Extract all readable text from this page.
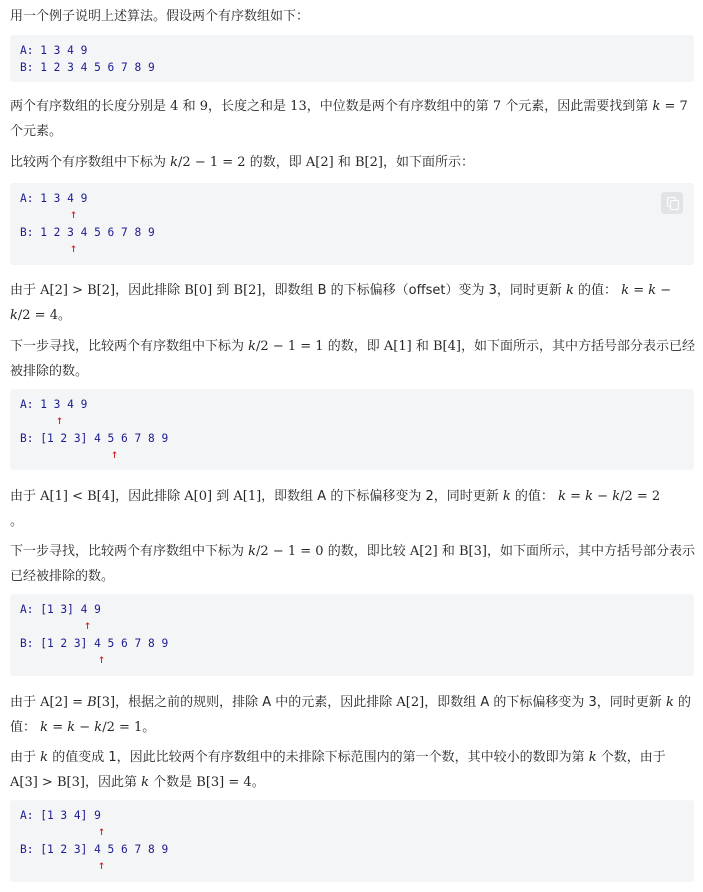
用一个例子说明上述算法。假设两个有序数组如下：

A: 1 3 4 9
B: 1 2 3 4 5 6 7 8 9

两个有序数组的长度分别是 4 和 9，长度之和是 13，中位数是两个有序数组中的第 7 个元素，因此需要找到第 k = 7 个元素。

比较两个有序数组中下标为 k/2 − 1 = 2 的数，即 A[2] 和 B[2]，如下面所示：

A: 1 3 4 9
↑
B: 1 2 3 4 5 6 7 8 9
↑

由于 A[2] > B[2]，因此排除 B[0] 到 B[2]，即数组 B 的下标偏移（offset）变为 3，同时更新 k 的值： k = k − k/2 = 4。

下一步寻找，比较两个有序数组中下标为 k/2 − 1 = 1 的数，即 A[1] 和 B[4]，如下面所示，其中方括号部分表示已经被排除的数。

A: 1 3 4 9
↑
B: [1 2 3] 4 5 6 7 8 9
↑

由于 A[1] < B[4]，因此排除 A[0] 到 A[1]，即数组 A 的下标偏移变为 2，同时更新 k 的值： k = k − k/2 = 2
。

下一步寻找，比较两个有序数组中下标为 k/2 − 1 = 0 的数，即比较 A[2] 和 B[3]，如下面所示，其中方括号部分表示已经被排除的数。

A: [1 3] 4 9
↑
B: [1 2 3] 4 5 6 7 8 9
↑

由于 A[2] = B[3]，根据之前的规则，排除 A 中的元素，因此排除 A[2]，即数组 A 的下标偏移变为 3，同时更新 k 的值： k = k − k/2 = 1。

由于 k 的值变成 1，因此比较两个有序数组中的未排除下标范围内的第一个数，其中较小的数即为第 k 个数，由于 A[3] > B[3]，因此第 k 个数是 B[3] = 4。

A: [1 3 4] 9
↑
B: [1 2 3] 4 5 6 7 8 9
↑
